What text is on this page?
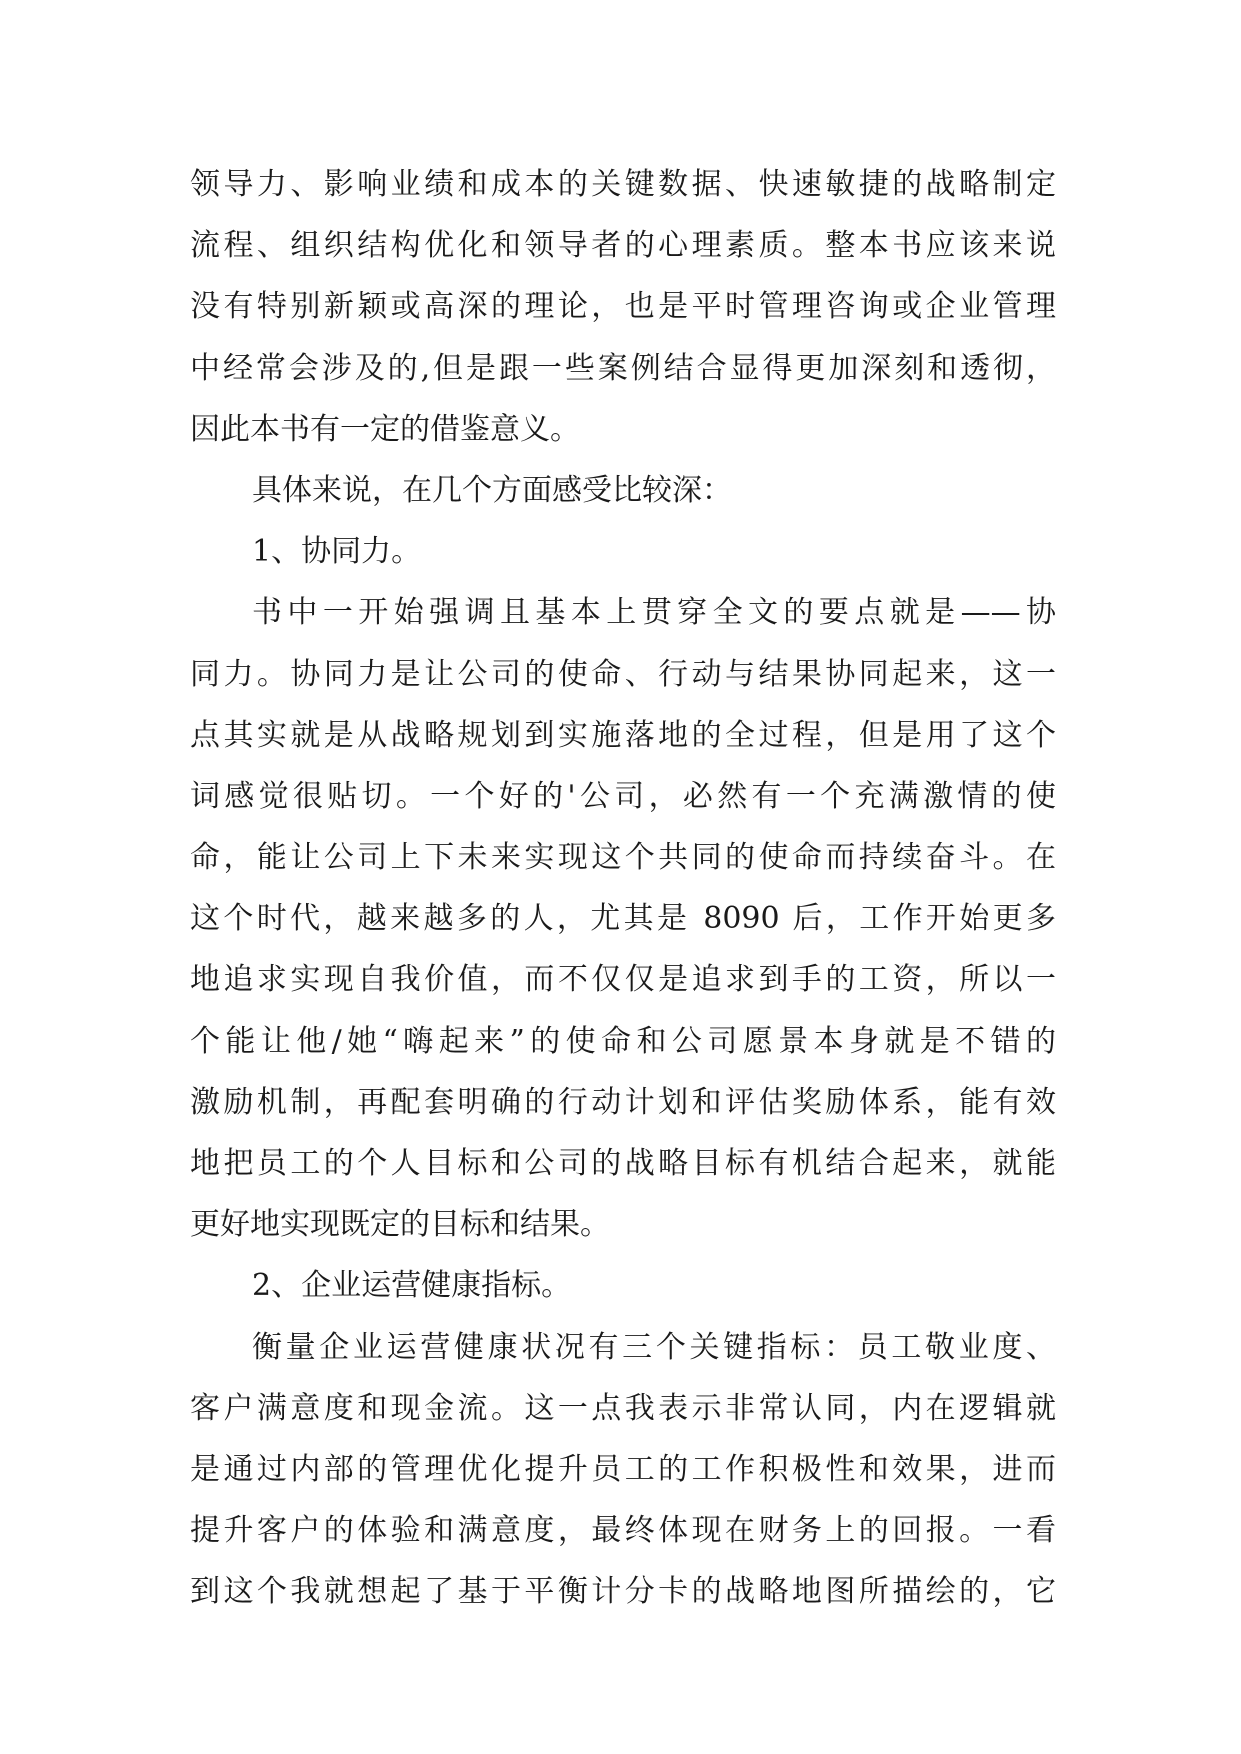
领导力、影响业绩和成本的关键数据、快速敏捷的战略制定
流程、组织结构优化和领导者的心理素质。整本书应该来说
没有特别新颖或高深的理论，也是平时管理咨询或企业管理
中经常会涉及的,但是跟一些案例结合显得更加深刻和透彻，
因此本书有一定的借鉴意义。
具体来说，在几个方面感受比较深：
1、协同力。
书中一开始强调且基本上贯穿全文的要点就是——协
同力。协同力是让公司的使命、行动与结果协同起来，这一
点其实就是从战略规划到实施落地的全过程，但是用了这个
词感觉很贴切。一个好的'公司，必然有一个充满激情的使
命，能让公司上下未来实现这个共同的使命而持续奋斗。在
这个时代，越来越多的人，尤其是 8090 后，工作开始更多
地追求实现自我价值，而不仅仅是追求到手的工资，所以一
个能让他/她“嗨起来”的使命和公司愿景本身就是不错的
激励机制，再配套明确的行动计划和评估奖励体系，能有效
地把员工的个人目标和公司的战略目标有机结合起来，就能
更好地实现既定的目标和结果。
2、企业运营健康指标。
衡量企业运营健康状况有三个关键指标：员工敬业度、
客户满意度和现金流。这一点我表示非常认同，内在逻辑就
是通过内部的管理优化提升员工的工作积极性和效果，进而
提升客户的体验和满意度，最终体现在财务上的回报。一看
到这个我就想起了基于平衡计分卡的战略地图所描绘的，它
